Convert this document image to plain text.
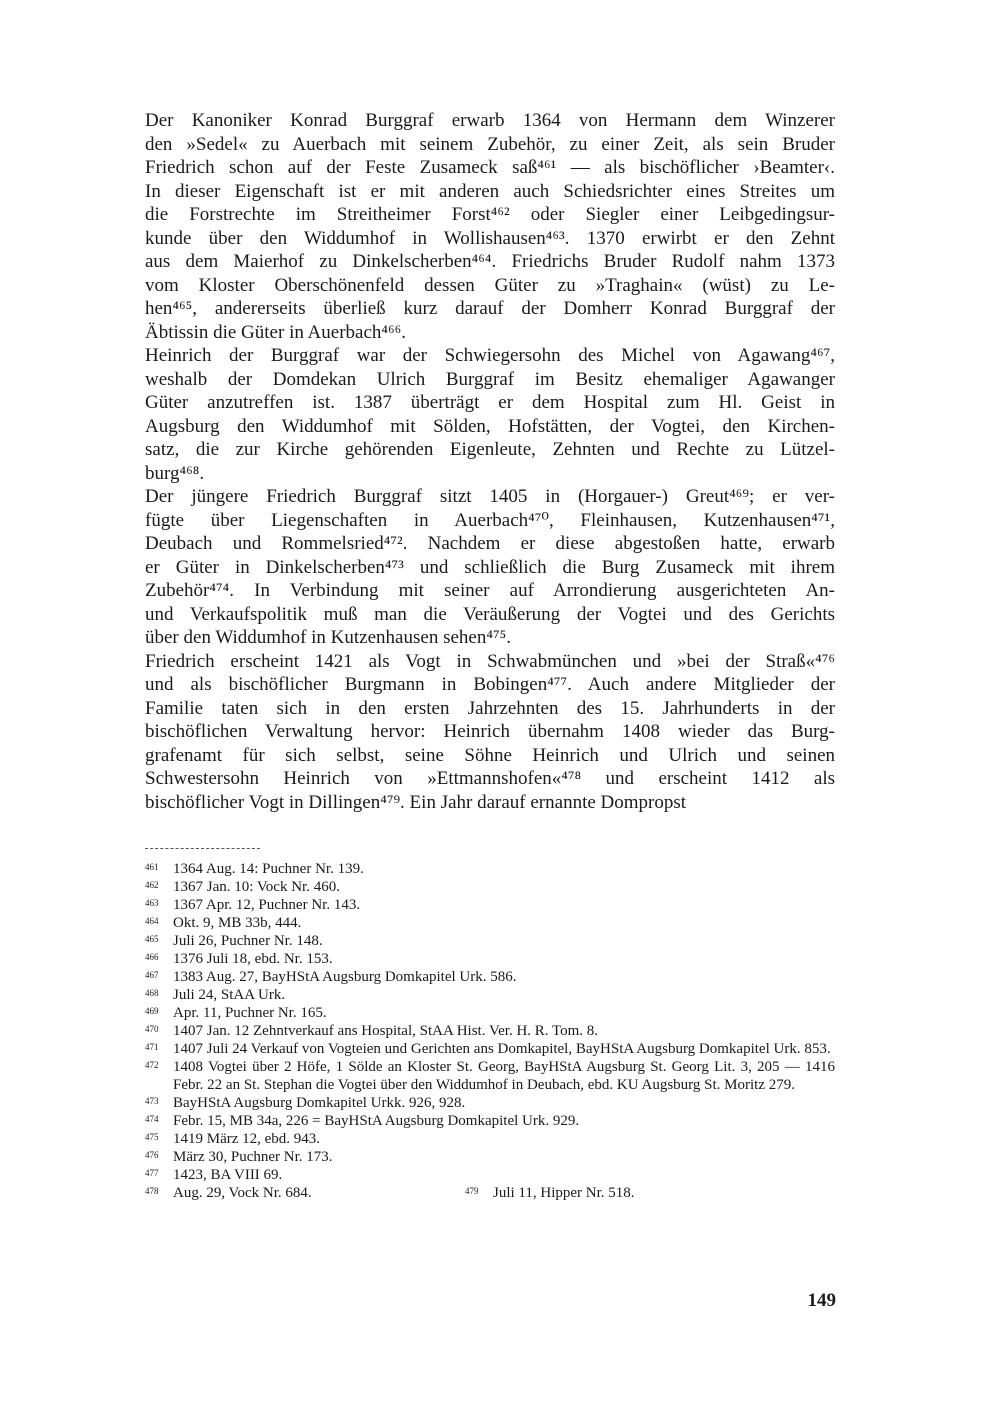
Der Kanoniker Konrad Burggraf erwarb 1364 von Hermann dem Winzerer
den »Sedel« zu Auerbach mit seinem Zubehör, zu einer Zeit, als sein Bruder
Friedrich schon auf der Feste Zusameck saß⁴⁶¹ — als bischöflicher ›Beamter‹.
In dieser Eigenschaft ist er mit anderen auch Schiedsrichter eines Streites um
die Forstrechte im Streitheimer Forst⁴⁶² oder Siegler einer Leibgedingsur-
kunde über den Widdumhof in Wollishausen⁴⁶³. 1370 erwirbt er den Zehnt
aus dem Maierhof zu Dinkelscherben⁴⁶⁴. Friedrichs Bruder Rudolf nahm 1373
vom Kloster Oberschönenfeld dessen Güter zu »Traghain« (wüst) zu Le-
hen⁴⁶⁵, andererseits überließ kurz darauf der Domherr Konrad Burggraf der
Äbtissin die Güter in Auerbach⁴⁶⁶.
Heinrich der Burggraf war der Schwiegersohn des Michel von Agawang⁴⁶⁷,
weshalb der Domdekan Ulrich Burggraf im Besitz ehemaliger Agawanger
Güter anzutreffen ist. 1387 überträgt er dem Hospital zum Hl. Geist in
Augsburg den Widdumhof mit Sölden, Hofstätten, der Vogtei, den Kirchen-
satz, die zur Kirche gehörenden Eigenleute, Zehnten und Rechte zu Lützel-
burg⁴⁶⁸.
Der jüngere Friedrich Burggraf sitzt 1405 in (Horgauer-) Greut⁴⁶⁹; er ver-
fügte über Liegenschaften in Auerbach⁴⁷⁰, Fleinhausen, Kutzenhausen⁴⁷¹,
Deubach und Rommelsried⁴⁷². Nachdem er diese abgestoßen hatte, erwarb
er Güter in Dinkelscherben⁴⁷³ und schließlich die Burg Zusameck mit ihrem
Zubehör⁴⁷⁴. In Verbindung mit seiner auf Arrondierung ausgerichteten An-
und Verkaufspolitik muß man die Veräußerung der Vogtei und des Gerichts
über den Widdumhof in Kutzenhausen sehen⁴⁷⁵.
Friedrich erscheint 1421 als Vogt in Schwabmünchen und »bei der Straß«⁴⁷⁶
und als bischöflicher Burgmann in Bobingen⁴⁷⁷. Auch andere Mitglieder der
Familie taten sich in den ersten Jahrzehnten des 15. Jahrhunderts in der
bischöflichen Verwaltung hervor: Heinrich übernahm 1408 wieder das Burg-
grafenamt für sich selbst, seine Söhne Heinrich und Ulrich und seinen
Schwestersohn Heinrich von »Ettmannshofen«⁴⁷⁸ und erscheint 1412 als
bischöflicher Vogt in Dillingen⁴⁷⁹. Ein Jahr darauf ernannte Dompropst
461 1364 Aug. 14: Puchner Nr. 139.
462 1367 Jan. 10: Vock Nr. 460.
463 1367 Apr. 12, Puchner Nr. 143.
464 Okt. 9, MB 33b, 444.
465 Juli 26, Puchner Nr. 148.
466 1376 Juli 18, ebd. Nr. 153.
467 1383 Aug. 27, BayHStA Augsburg Domkapitel Urk. 586.
468 Juli 24, StAA Urk.
469 Apr. 11, Puchner Nr. 165.
470 1407 Jan. 12 Zehntverkauf ans Hospital, StAA Hist. Ver. H. R. Tom. 8.
471 1407 Juli 24 Verkauf von Vogteien und Gerichten ans Domkapitel, BayHStA Augsburg Domkapitel Urk. 853.
472 1408 Vogtei über 2 Höfe, 1 Sölde an Kloster St. Georg, BayHStA Augsburg St. Georg Lit. 3, 205 — 1416 Febr. 22 an St. Stephan die Vogtei über den Widdumhof in Deubach, ebd. KU Augsburg St. Moritz 279.
473 BayHStA Augsburg Domkapitel Urkk. 926, 928.
474 Febr. 15, MB 34a, 226 = BayHStA Augsburg Domkapitel Urk. 929.
475 1419 März 12, ebd. 943.
476 März 30, Puchner Nr. 173.
477 1423, BA VIII 69.
478 Aug. 29, Vock Nr. 684.	479 Juli 11, Hipper Nr. 518.
149
